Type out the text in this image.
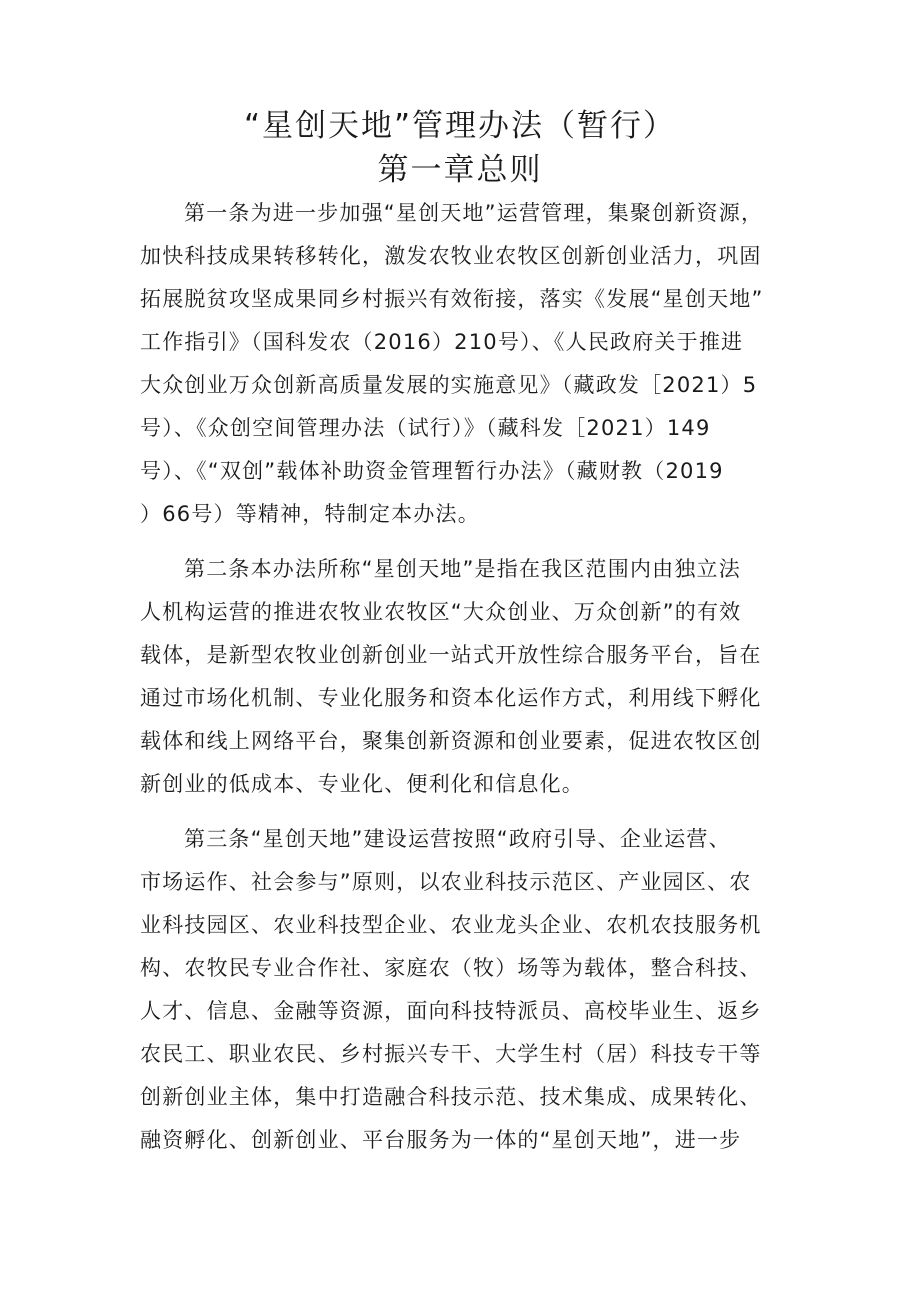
“星创天地”管理办法（暂行）
第一章总则

第一条为进一步加强“星创天地”运营管理，集聚创新资源，

加快科技成果转移转化，激发农牧业农牧区创新创业活力，巩固

拓展脱贫攻坚成果同乡村振兴有效衔接，落实《发展“星创天地”

工作指引》（国科发农（2016）210号）、《人民政府关于推进

大众创业万众创新高质量发展的实施意见》（藏政发［2021）5

号）、《众创空间管理办法（试行）》（藏科发［2021）149

号）、《“双创”载体补助资金管理暂行办法》（藏财教（2019

）66号）等精神，特制定本办法。

第二条本办法所称“星创天地”是指在我区范围内由独立法

人机构运营的推进农牧业农牧区“大众创业、万众创新”的有效

载体，是新型农牧业创新创业一站式开放性综合服务平台，旨在

通过市场化机制、专业化服务和资本化运作方式，利用线下孵化

载体和线上网络平台，聚集创新资源和创业要素，促进农牧区创

新创业的低成本、专业化、便利化和信息化。

第三条“星创天地”建设运营按照“政府引导、企业运营、

市场运作、社会参与”原则，以农业科技示范区、产业园区、农

业科技园区、农业科技型企业、农业龙头企业、农机农技服务机

构、农牧民专业合作社、家庭农（牧）场等为载体，整合科技、

人才、信息、金融等资源，面向科技特派员、高校毕业生、返乡

农民工、职业农民、乡村振兴专干、大学生村（居）科技专干等

创新创业主体，集中打造融合科技示范、技术集成、成果转化、

融资孵化、创新创业、平台服务为一体的“星创天地”，进一步
